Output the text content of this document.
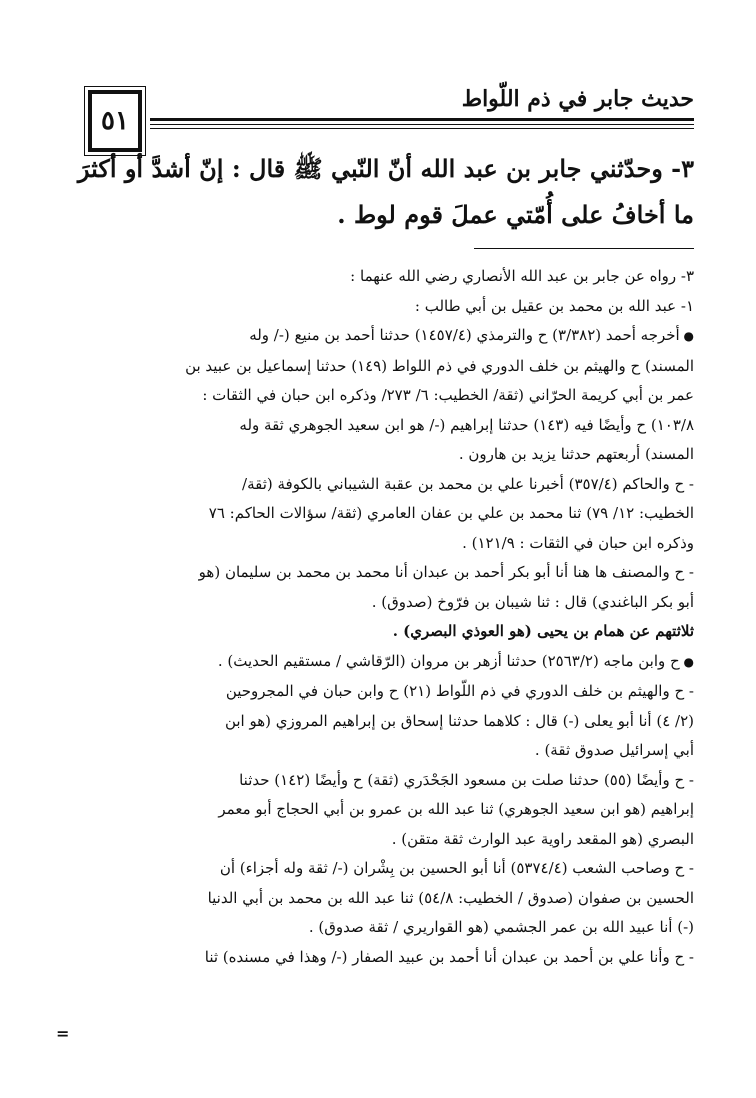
حديث جابر في ذم اللّواط
٥١

٣- وحدّثني جابر بن عبد الله أنّ النّبي ﷺ قال : إنّ أشدَّ أو أكثرَ

ما أخافُ على أُمّتي عملَ قوم لوط .

٣- رواه عن جابر بن عبد الله الأنصاري رضي الله عنهما :

١- عبد الله بن محمد بن عقيل بن أبي طالب :

● أخرجه أحمد (٣/٣٨٢) ح والترمذي (١٤٥٧/٤) حدثنا أحمد بن منيع (-/ وله

المسند) ح والهيثم بن خلف الدوري في ذم اللواط (١٤٩) حدثنا إسماعيل بن عبيد بن

عمر بن أبي كريمة الحرّاني (ثقة/ الخطيب: ٦/ ٢٧٣/ وذكره ابن حبان في الثقات :

١٠٣/٨) ح وأيضًا فيه (١٤٣) حدثنا إبراهيم (-/ هو ابن سعيد الجوهري ثقة وله

المسند) أربعتهم حدثنا يزيد بن هارون .

- ح والحاكم (٣٥٧/٤) أخبرنا علي بن محمد بن عقبة الشيباني بالكوفة (ثقة/

الخطيب: ١٢/ ٧٩) ثنا محمد بن علي بن عفان العامري (ثقة/ سؤالات الحاكم: ٧٦

وذكره ابن حبان في الثقات : ١٢١/٩) .

- ح والمصنف ها هنا أنا أبو بكر أحمد بن عبدان أنا محمد بن محمد بن سليمان (هو

أبو بكر الباغندي) قال : ثنا شيبان بن فرّوخ (صدوق) .

ثلاثتهم عن همام بن يحيى (هو العوذي البصري) .

● ح وابن ماجه (٢٥٦٣/٢) حدثنا أزهر بن مروان (الرّقاشي / مستقيم الحديث) .

- ح والهيثم بن خلف الدوري في ذم اللّواط (٢١) ح وابن حبان في المجروحين

(٢/ ٤) أنا أبو يعلى (-) قال : كلاهما حدثنا إسحاق بن إبراهيم المروزي (هو ابن

أبي إسرائيل صدوق ثقة) .

- ح وأيضًا (٥٥) حدثنا صلت بن مسعود الجَحْدَري (ثقة) ح وأيضًا (١٤٢) حدثنا

إبراهيم (هو ابن سعيد الجوهري) ثنا عبد الله بن عمرو بن أبي الحجاج أبو معمر

البصري (هو المقعد راوية عبد الوارث ثقة متقن) .

- ح وصاحب الشعب (٥٣٧٤/٤) أنا أبو الحسين بن بِشْران (-/ ثقة وله أجزاء) أن

الحسين بن صفوان (صدوق / الخطيب: ٥٤/٨) ثنا عبد الله بن محمد بن أبي الدنيا

(-) أنا عبيد الله بن عمر الجشمي (هو القواريري / ثقة صدوق) .

- ح وأنا علي بن أحمد بن عبدان أنا أحمد بن عبيد الصفار (-/ وهذا في مسنده) ثنا

=
